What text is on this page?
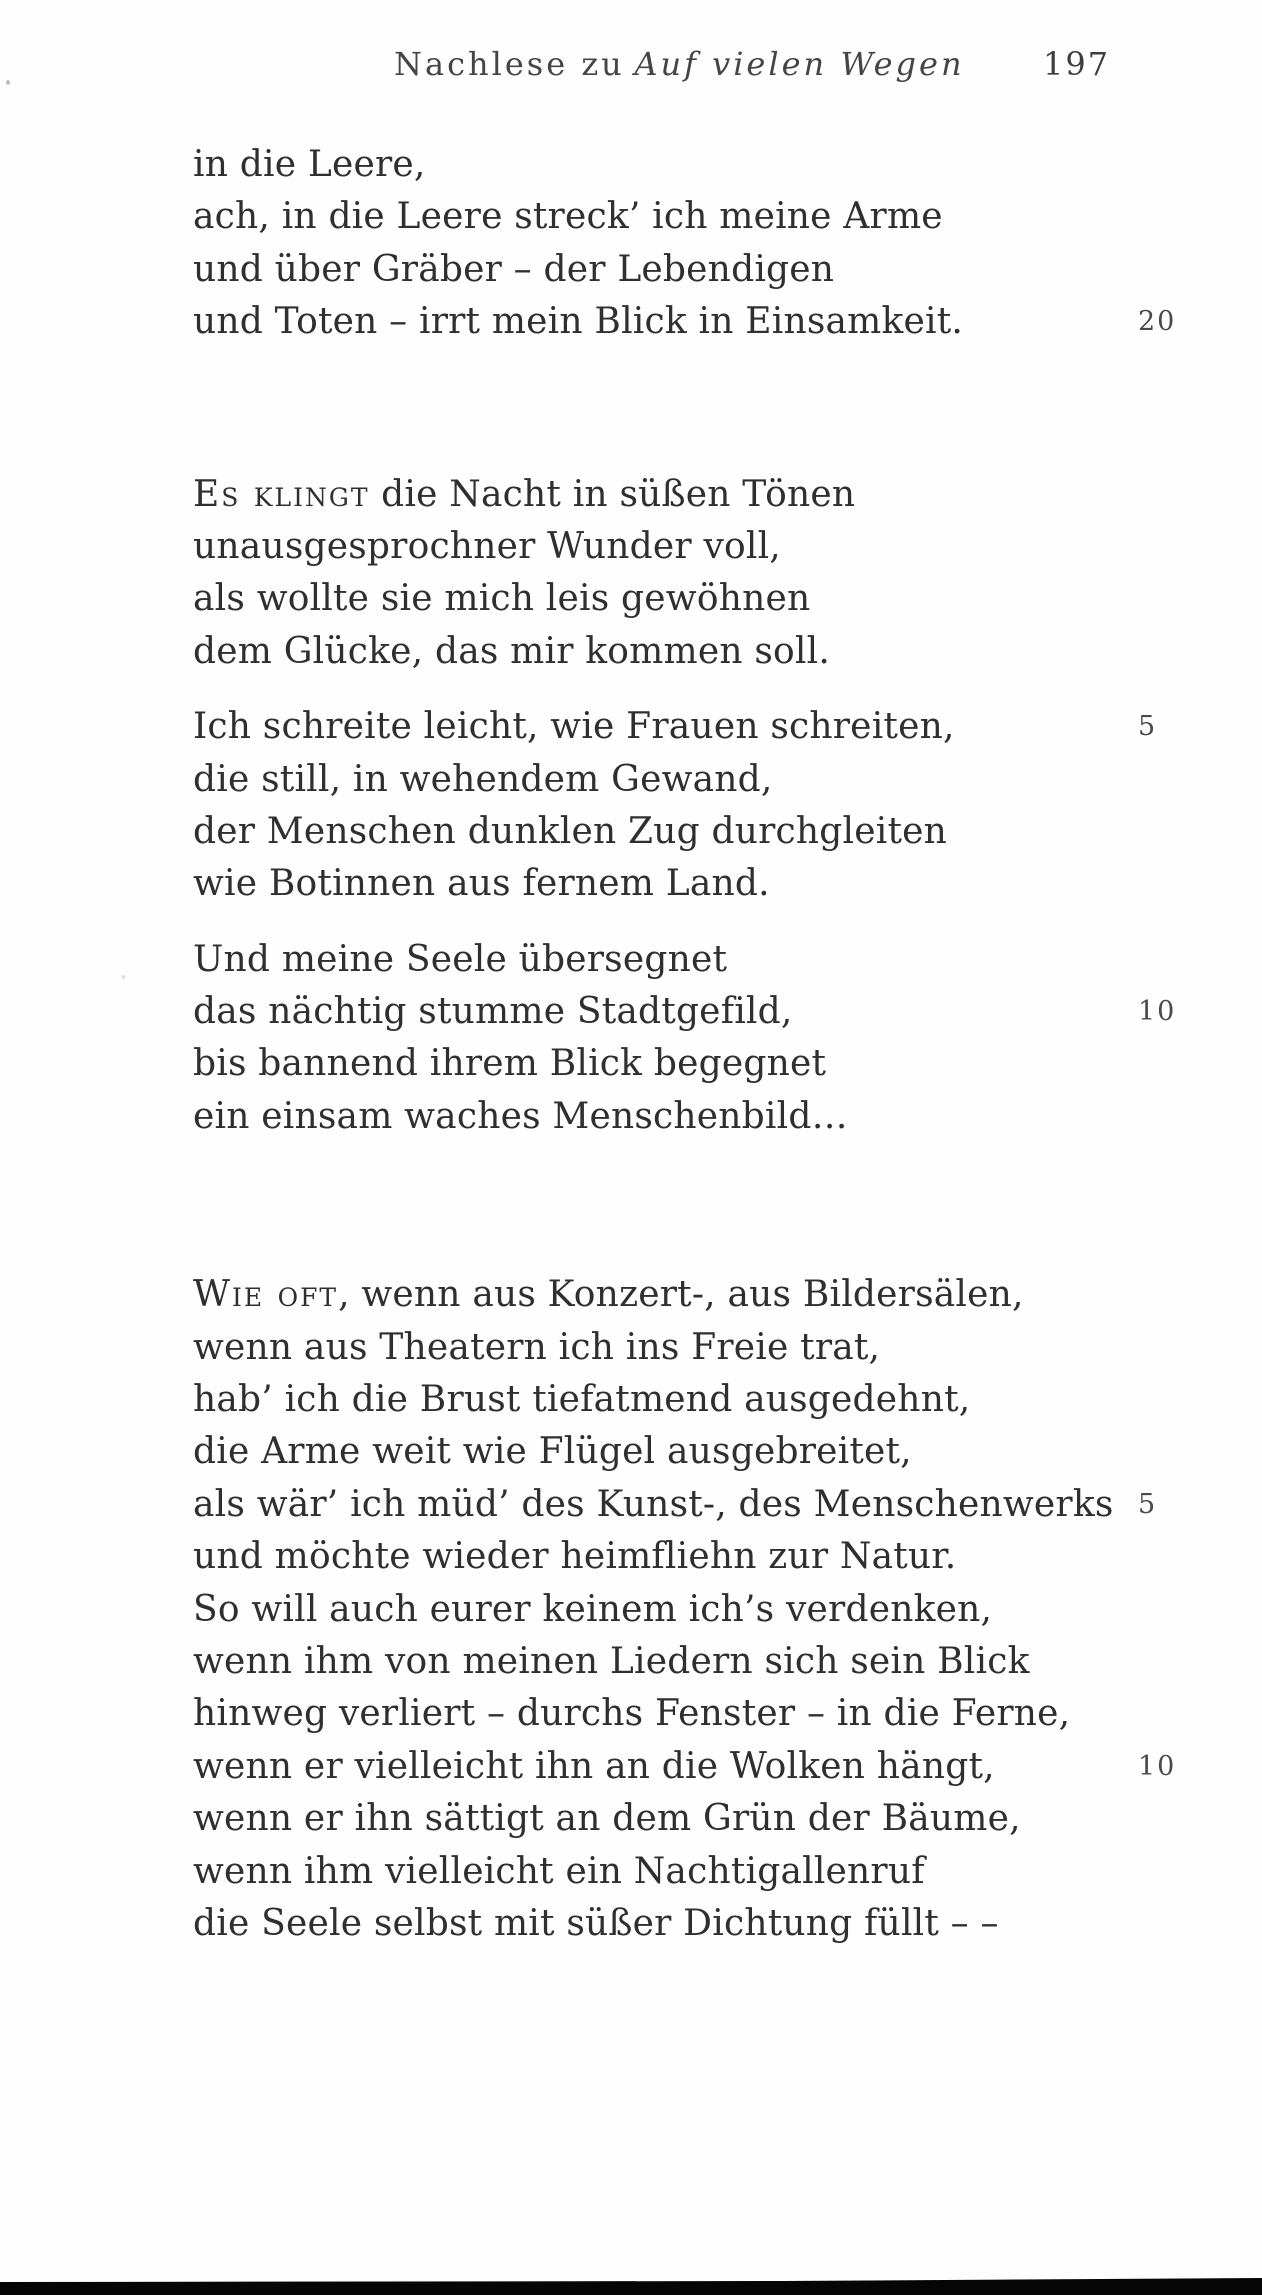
Nachlese zu Auf vielen Wegen 197
in die Leere,
ach, in die Leere streck’ ich meine Arme
und über Gräber – der Lebendigen
und Toten – irrt mein Blick in Einsamkeit.	20
Es klingt die Nacht in süßen Tönen
unausgesprochner Wunder voll,
als wollte sie mich leis gewöhnen
dem Glücke, das mir kommen soll.
Ich schreite leicht, wie Frauen schreiten,	5
die still, in wehendem Gewand,
der Menschen dunklen Zug durchgleiten
wie Botinnen aus fernem Land.
Und meine Seele übersegnet
das nächtig stumme Stadtgefild,	10
bis bannend ihrem Blick begegnet
ein einsam waches Menschenbild…
Wie oft, wenn aus Konzert-, aus Bildersälen,
wenn aus Theatern ich ins Freie trat,
hab’ ich die Brust tiefatmend ausgedehnt,
die Arme weit wie Flügel ausgebreitet,
als wär’ ich müd’ des Kunst-, des Menschenwerks 5
und möchte wieder heimfliehn zur Natur.
So will auch eurer keinem ich’s verdenken,
wenn ihm von meinen Liedern sich sein Blick
hinweg verliert – durchs Fenster – in die Ferne,
wenn er vielleicht ihn an die Wolken hängt,	10
wenn er ihn sättigt an dem Grün der Bäume,
wenn ihm vielleicht ein Nachtigallenruf
die Seele selbst mit süßer Dichtung füllt – –
